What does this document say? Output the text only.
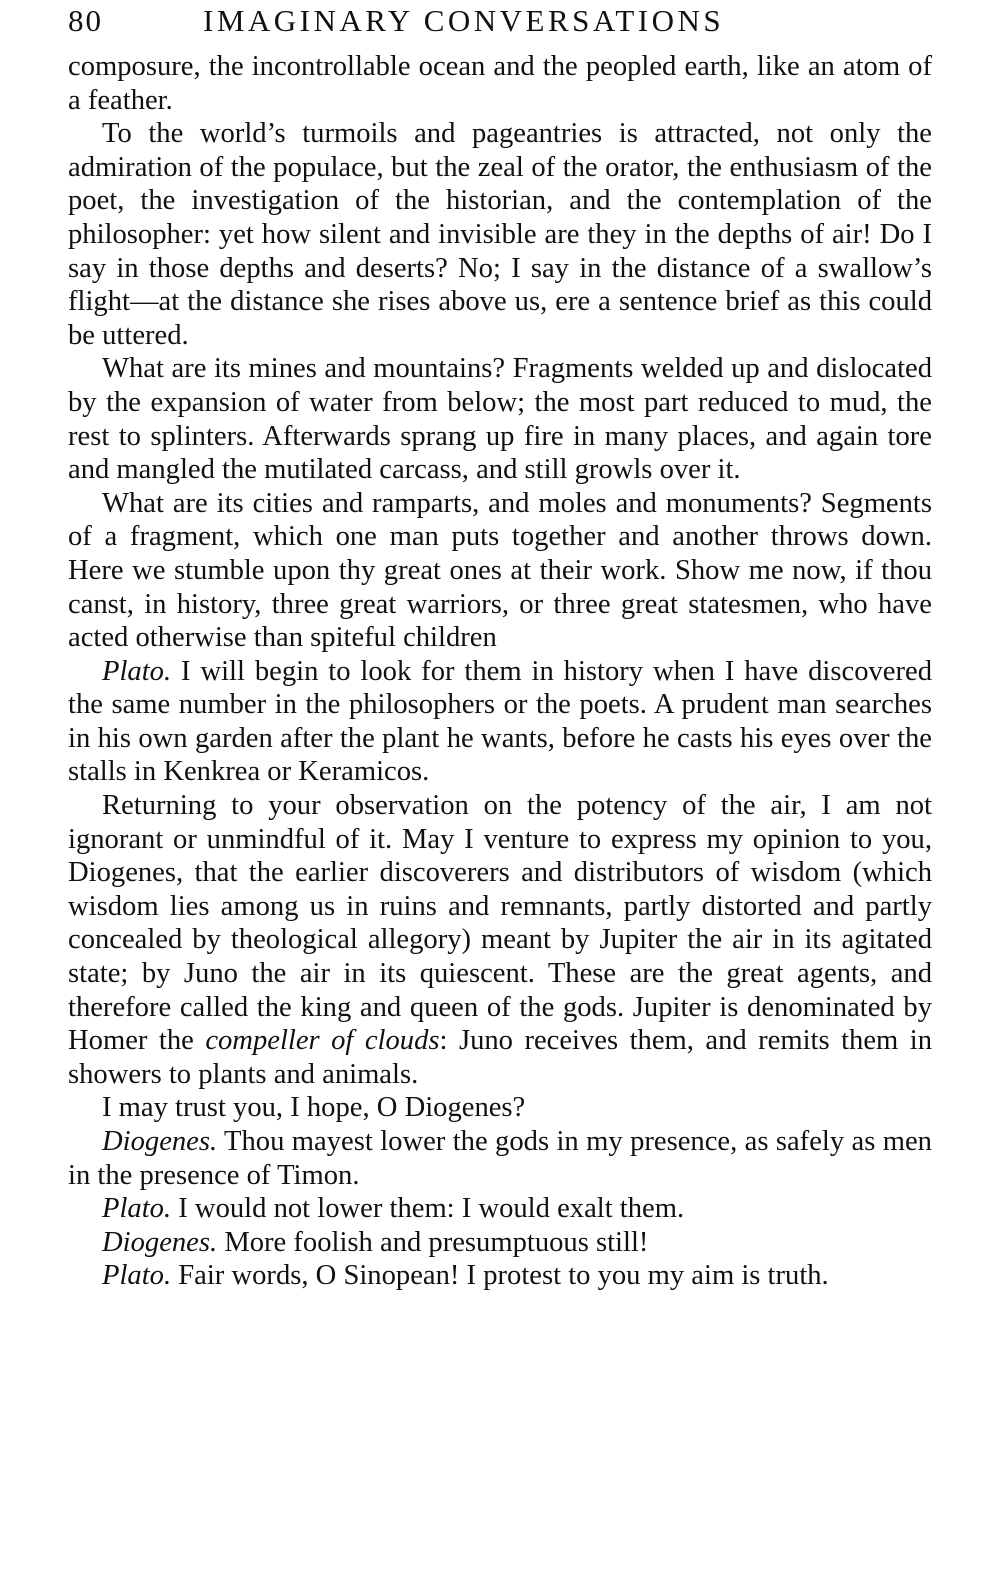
80	IMAGINARY CONVERSATIONS

composure, the incontrollable ocean and the peopled earth, like an atom of a feather.

To the world’s turmoils and pageantries is attracted, not only the admiration of the populace, but the zeal of the orator, the enthusiasm of the poet, the investigation of the historian, and the contemplation of the philosopher: yet how silent and invisible are they in the depths of air! Do I say in those depths and deserts? No; I say in the distance of a swallow’s flight—at the distance she rises above us, ere a sentence brief as this could be uttered.

What are its mines and mountains? Fragments welded up and dislocated by the expansion of water from below; the most part reduced to mud, the rest to splinters. Afterwards sprang up fire in many places, and again tore and mangled the mutilated carcass, and still growls over it.

What are its cities and ramparts, and moles and monuments? Segments of a fragment, which one man puts together and another throws down. Here we stumble upon thy great ones at their work. Show me now, if thou canst, in history, three great warriors, or three great statesmen, who have acted otherwise than spiteful children

Plato. I will begin to look for them in history when I have discovered the same number in the philosophers or the poets. A prudent man searches in his own garden after the plant he wants, before he casts his eyes over the stalls in Kenkrea or Keramicos.

Returning to your observation on the potency of the air, I am not ignorant or unmindful of it. May I venture to express my opinion to you, Diogenes, that the earlier discoverers and distributors of wisdom (which wisdom lies among us in ruins and remnants, partly distorted and partly concealed by theological allegory) meant by Jupiter the air in its agitated state; by Juno the air in its quiescent. These are the great agents, and therefore called the king and queen of the gods. Jupiter is denominated by Homer the compeller of clouds: Juno receives them, and remits them in showers to plants and animals.

I may trust you, I hope, O Diogenes?

Diogenes. Thou mayest lower the gods in my presence, as safely as men in the presence of Timon.

Plato. I would not lower them: I would exalt them.

Diogenes. More foolish and presumptuous still!

Plato. Fair words, O Sinopean! I protest to you my aim is truth.
